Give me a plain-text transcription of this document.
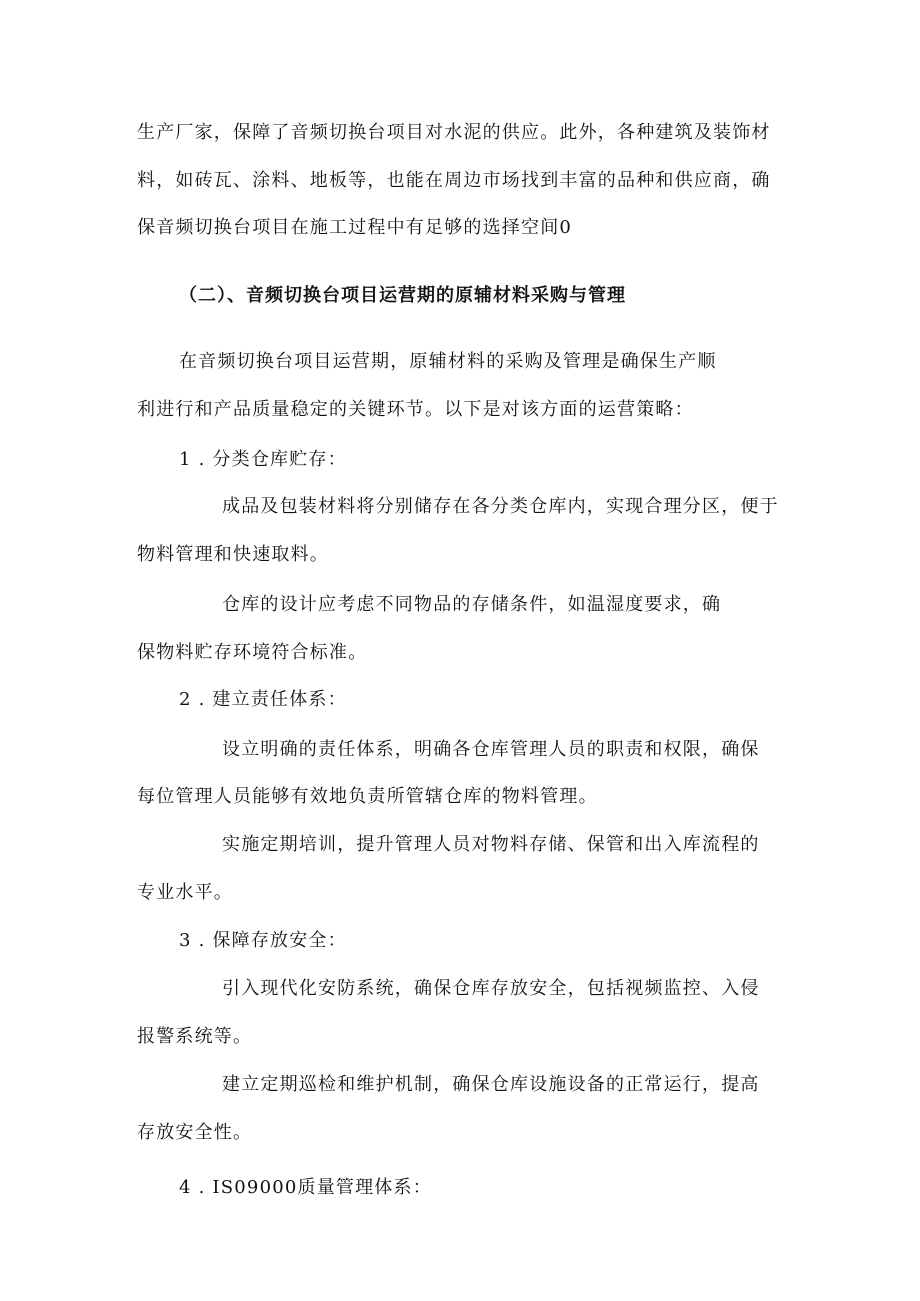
生产厂家，保障了音频切换台项目对水泥的供应。此外，各种建筑及装饰材
料，如砖瓦、涂料、地板等，也能在周边市场找到丰富的品种和供应商，确
保音频切换台项目在施工过程中有足够的选择空间0
（二）、音频切换台项目运营期的原辅材料采购与管理
在音频切换台项目运营期，原辅材料的采购及管理是确保生产顺
利进行和产品质量稳定的关键环节。以下是对该方面的运营策略：
1 . 分类仓库贮存：
成品及包装材料将分别储存在各分类仓库内，实现合理分区，便于
物料管理和快速取料。
仓库的设计应考虑不同物品的存储条件，如温湿度要求，确
保物料贮存环境符合标准。
2 . 建立责任体系：
设立明确的责任体系，明确各仓库管理人员的职责和权限，确保
每位管理人员能够有效地负责所管辖仓库的物料管理。
实施定期培训，提升管理人员对物料存储、保管和出入库流程的
专业水平。
3 . 保障存放安全：
引入现代化安防系统，确保仓库存放安全，包括视频监控、入侵
报警系统等。
建立定期巡检和维护机制，确保仓库设施设备的正常运行，提高
存放安全性。
4 . IS09000质量管理体系：
